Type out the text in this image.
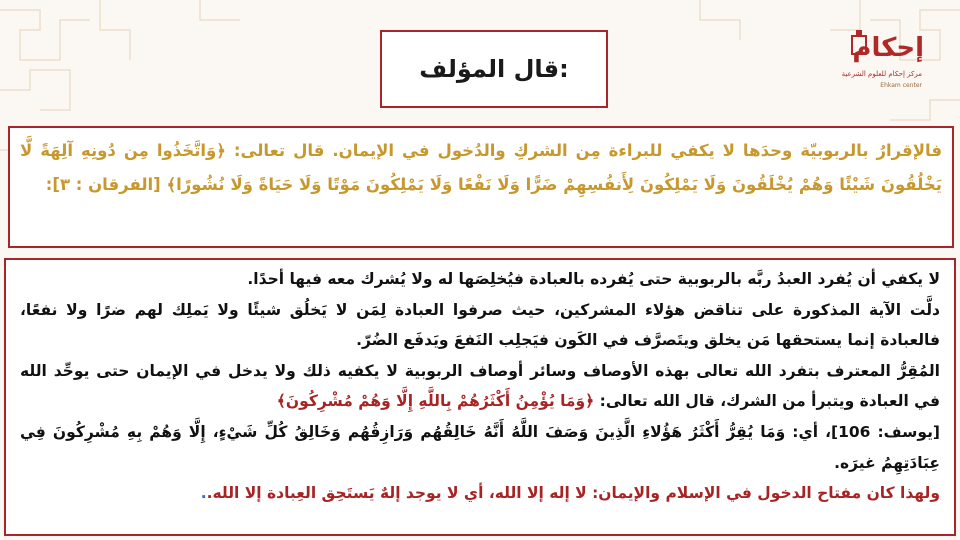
إحكام
مركز إحكام للعلوم الشرعية
Ehkam center
قال المؤلف:
فالإقرارُ بالربوبيّة وحدَها لا يكفي للبراءة مِن الشركِ والدُخول في الإيمان. قال تعالى: ﴿وَاتَّخَذُوا مِن دُونِهِ آلِهَةً لَّا يَخْلُقُونَ شَيْئًا وَهُمْ يُخْلَقُونَ وَلَا يَمْلِكُونَ لِأَنفُسِهِمْ ضَرًّا وَلَا نَفْعًا وَلَا يَمْلِكُونَ مَوْتًا وَلَا حَيَاةً وَلَا نُشُورًا﴾ [الفرقان : ٣]:
لا يكفي أن يُفرد العبدُ ربَّه بالربوبية حتى يُفرده بالعبادة فيُخلِصَها له ولا يُشرك معه فيها أحدًا.
دلَّت الآية المذكورة على تناقض هؤلاء المشركين، حيث صرفوا العبادة لِمَن لا يَخلُق شيئًا ولا يَملِك لهم ضرًا ولا نفعًا، فالعبادة إنما يستحقها مَن يخلق ويتَصرَّف في الكَون فيَجلِب النَفعَ ويَدفَع الضُرّ.
المُقِرُّ المعترف بتفرد الله تعالى بهذه الأوصاف وسائر أوصاف الربوبية لا يكفيه ذلك ولا يدخل في الإيمان حتى يوحِّد الله في العبادة ويتبرأ من الشرك، قال الله تعالى: ﴿وَمَا يُؤْمِنُ أَكْثَرُهُمْ بِاللَّهِ إِلَّا وَهُمْ مُشْرِكُونَ﴾
[يوسف: 106]، أي: وَمَا يُقِرُّ أَكْثَرُ هَؤُلاءِ الَّذِينَ وَصَفَ اللَّهُ أَنَّهُ خَالِقُهُم وَرَازِقُهُم وَخَالِقُ كُلِّ شَيْءٍ، إِلَّا وَهُمْ بِهِ مُشْرِكُونَ فِي عِبَادَتِهِمُ غيرَه.
ولهذا كان مفتاح الدخول في الإسلام والإيمان: لا إله إلا الله، أي لا يوجد إلهٌ يَستَحِق العِبادة إلا الله..
